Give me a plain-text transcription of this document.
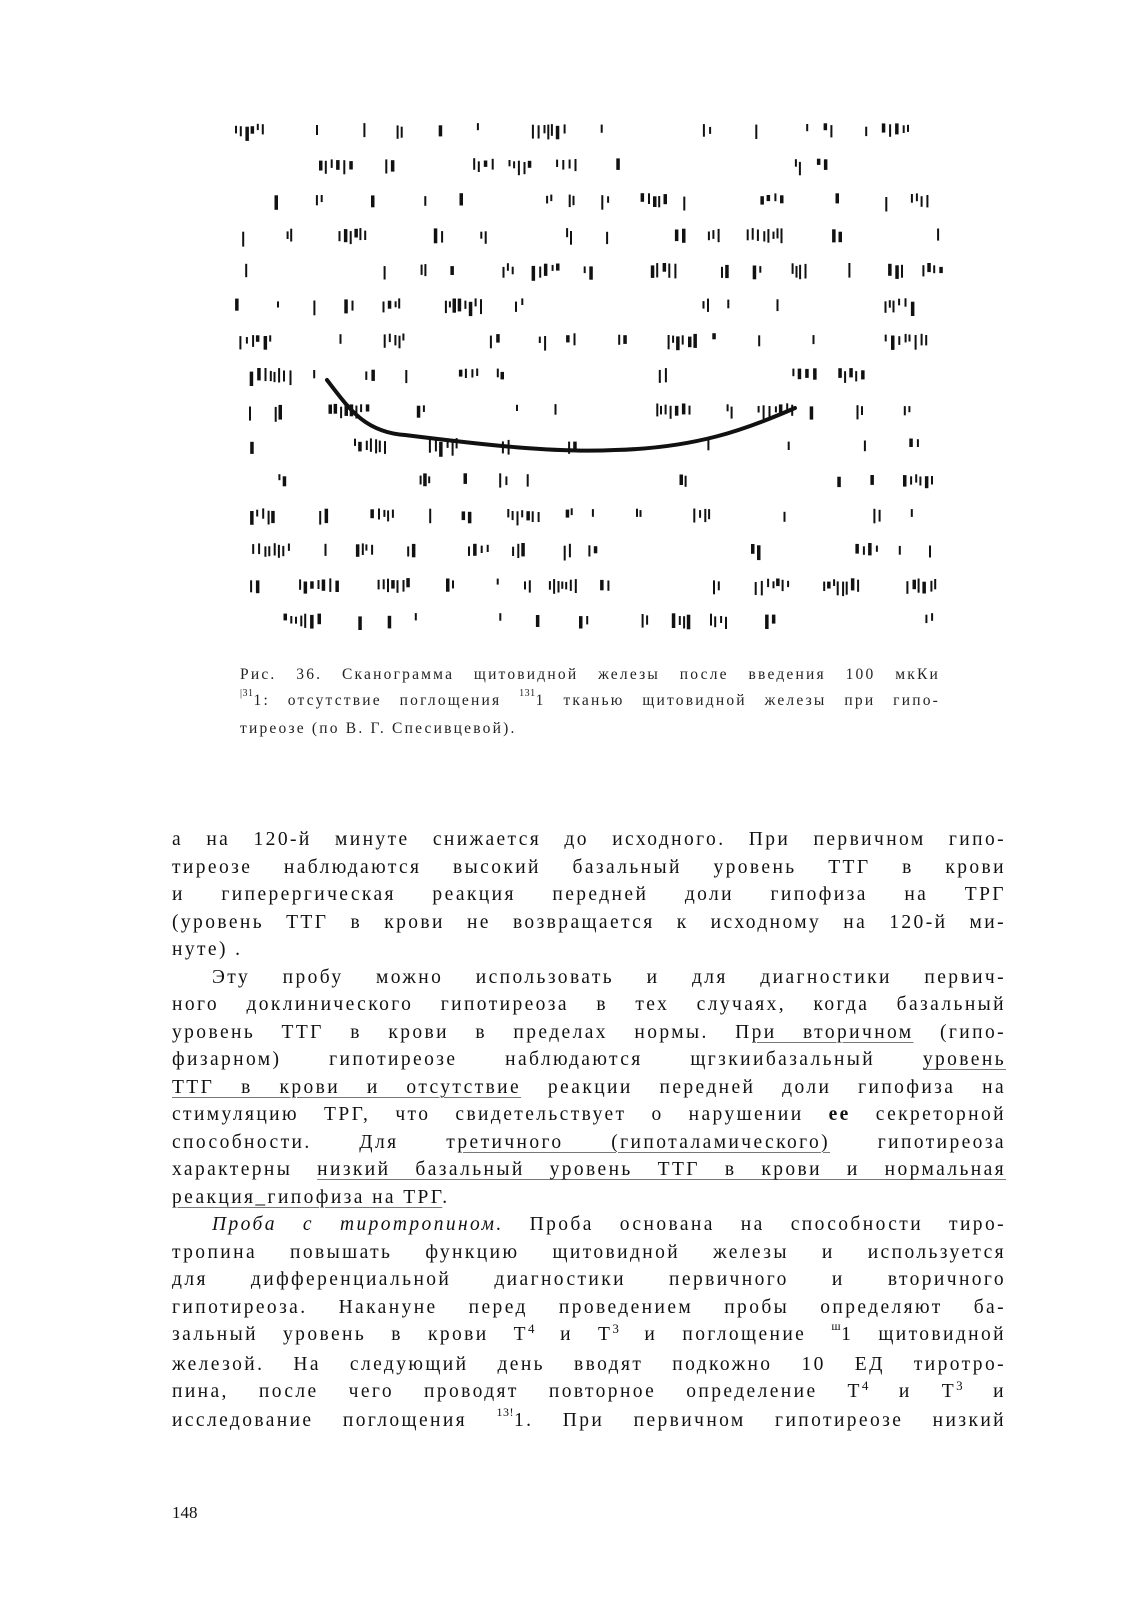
Рис. 36. Сканограмма щитовидной железы после введения 100 мкКи

$^{|31}$1: отсутствие поглощения $^{131}$1 тканью щитовидной железы при гипо-

тиреозе (по В. Г. Спесивцевой).

а на 120-й минуте снижается до исходного. При первичном гипо-

тиреозе наблюдаются высокий базальный уровень ТТГ в крови

и гиперергическая реакция передней доли гипофиза на ТРГ

(уровень ТТГ в крови не возвращается к исходному на 120-й ми-

нуте) .

Эту пробу можно использовать и для диагностики первич-

ного доклинического гипотиреоза в тех случаях, когда базальный

уровень ТТГ в крови в пределах нормы. При вторичном (гипо-

физарном) гипотиреозе наблюдаются щгзкиибазальный уровень

ТТГ в крови и отсутствие реакции передней доли гипофиза на

стимуляцию ТРГ, что свидетельствует о нарушении ее секреторной

способности. Для третичного (гипоталамического) гипотиреоза

характерны низкий базальный уровень ТТГ в крови и нормальная

реакция_гипофиза на ТРГ.

Проба с тиротропином. Проба основана на способности тиро-

тропина повышать функцию щитовидной железы и используется

для дифференциальной диагностики первичного и вторичного

гипотиреоза. Накануне перед проведением пробы определяют ба-

зальный уровень в крови $Т^4$ и $Т^3$ и поглощение $^ш$1 щитовидной

железой. На следующий день вводят подкожно 10 ЕД тиротро-

пина, после чего проводят повторное определение $Т^4$ и $Т^3$ и

исследование поглощения $^{13!}$1. При первичном гипотиреозе низкий

148
